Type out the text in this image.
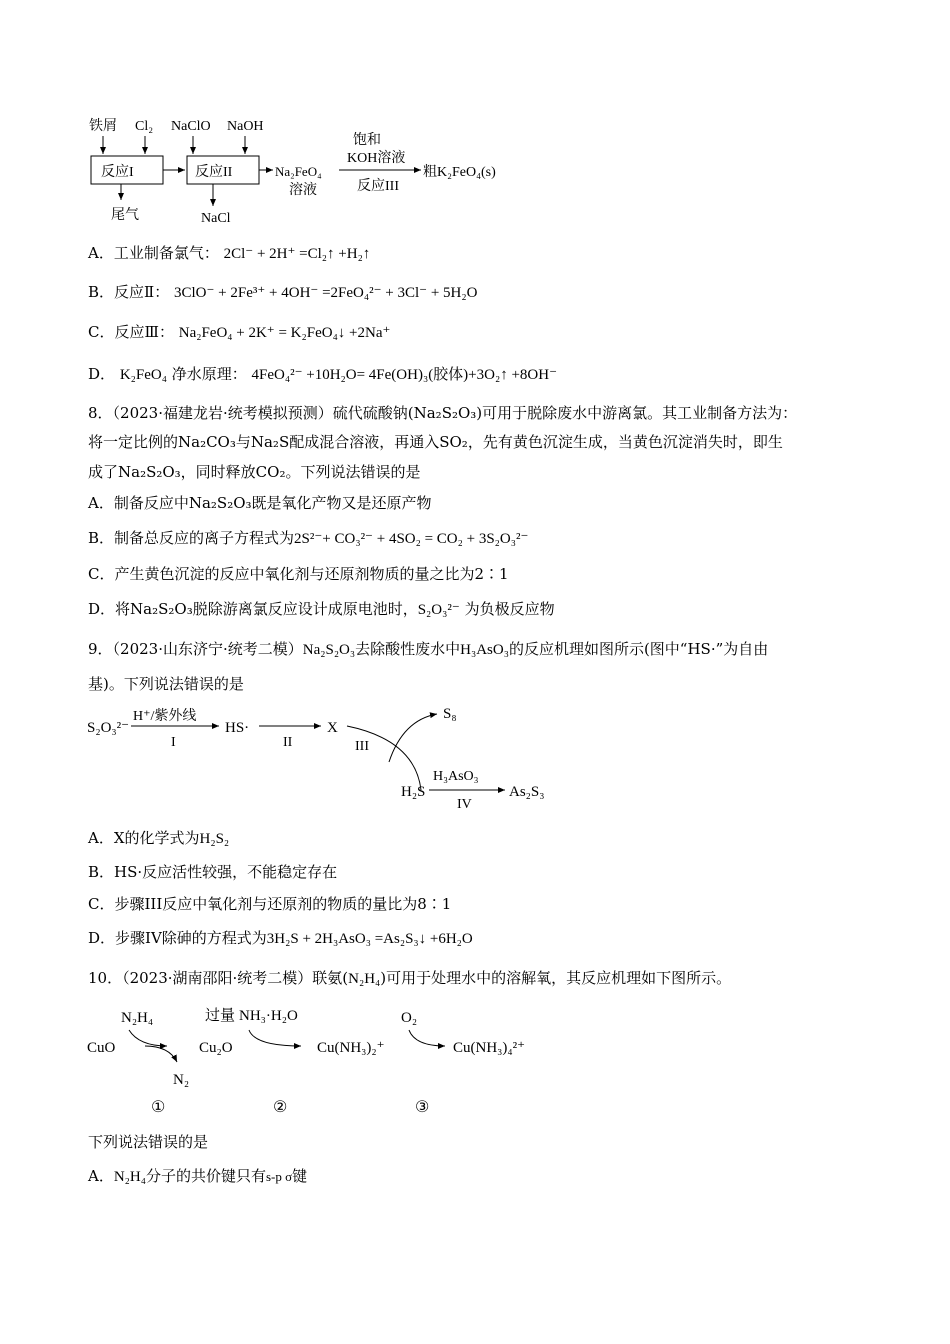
铁屑 Cl₂ NaClO NaOH
反应I	反应II
尾气	NaCl
Na₂FeO₄
溶液
饱和
KOH溶液
反应III
粗K₂FeO₄(s)
A．工业制备氯气： 2Cl⁻ + 2H⁺ =Cl₂↑ +H₂↑
B．反应Ⅱ： 3ClO⁻ + 2Fe³⁺ + 4OH⁻ =2FeO₄²⁻ + 3Cl⁻ + 5H₂O
C．反应Ⅲ： Na₂FeO₄ + 2K⁺ = K₂FeO₄↓ +2Na⁺
D． K₂FeO₄ 净水原理： 4FeO₄²⁻ +10H₂O= 4Fe(OH)₃(胶体)+3O₂↑ +8OH⁻
8．（2023·福建龙岩·统考模拟预测）硫代硫酸钠(Na₂S₂O₃)可用于脱除废水中游离氯。其工业制备方法为：
将一定比例的Na₂CO₃与Na₂S配成混合溶液，再通入SO₂，先有黄色沉淀生成，当黄色沉淀消失时，即生
成了Na₂S₂O₃，同时释放CO₂。下列说法错误的是
A．制备反应中Na₂S₂O₃既是氧化产物又是还原产物
B．制备总反应的离子方程式为2S²⁻+ CO₃²⁻ + 4SO₂ = CO₂ + 3S₂O₃²⁻
C．产生黄色沉淀的反应中氧化剂与还原剂物质的量之比为2∶1
D．将Na₂S₂O₃脱除游离氯反应设计成原电池时，S₂O₃²⁻ 为负极反应物
9．（2023·山东济宁·统考二模）Na₂S₂O₃去除酸性废水中H₃AsO₃的反应机理如图所示(图中“HS·”为自由
基)。下列说法错误的是
S₂O₃²⁻
H⁺/紫外线
I
HS·
II
X
III
S₈
H₂S
H₃AsO₃
IV
As₂S₃
A．X的化学式为H₂S₂
B．HS·反应活性较强，不能稳定存在
C．步骤III反应中氧化剂与还原剂的物质的量比为8∶1
D．步骤IV除砷的方程式为3H₂S + 2H₃AsO₃ =As₂S₃↓ +6H₂O
10．（2023·湖南邵阳·统考二模）联氨(N₂H₄)可用于处理水中的溶解氧，其反应机理如下图所示。
CuO
N₂H₄
N₂
Cu₂O
过量 NH₃·H₂O
Cu(NH₃)₂⁺
O₂
Cu(NH₃)₄²⁺
①	②	③
下列说法错误的是
A．N₂H₄分子的共价键只有s-p σ键
